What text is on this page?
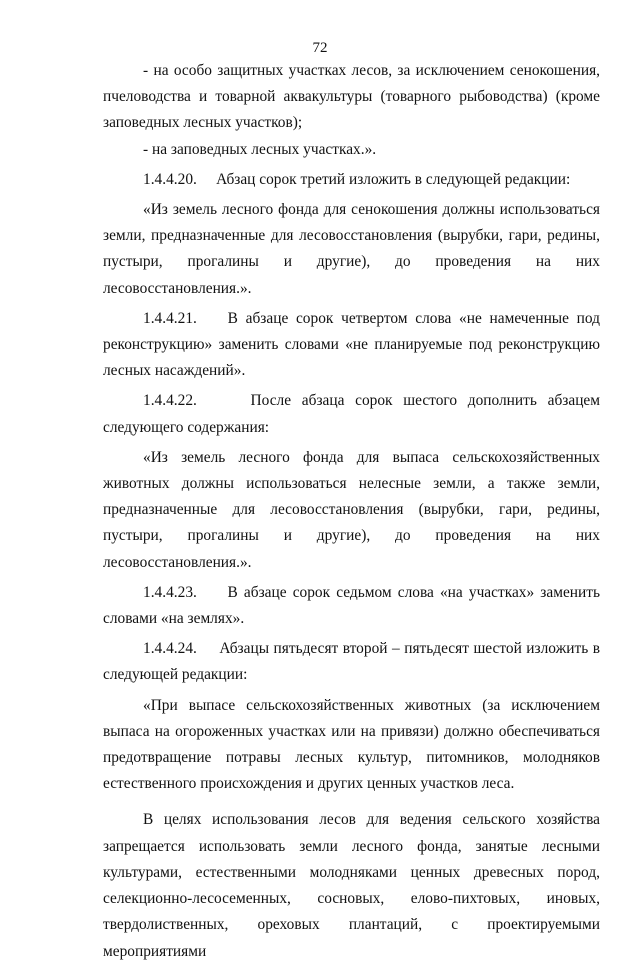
72

- на особо защитных участках лесов, за исключением сенокошения, пчеловодства и товарной аквакультуры (товарного рыбоводства) (кроме заповедных лесных участков);

- на заповедных лесных участках.».

1.4.4.20.     Абзац сорок третий изложить в следующей редакции:

«Из земель лесного фонда для сенокошения должны использоваться земли, предназначенные для лесовосстановления (вырубки, гари, редины, пустыри, прогалины и другие), до проведения на них лесовосстановления.».

1.4.4.21.    В абзаце сорок четвертом слова «не намеченные под реконструкцию» заменить словами «не планируемые под реконструкцию лесных насаждений».

1.4.4.22.     После абзаца сорок шестого дополнить абзацем следующего содержания:

«Из земель лесного фонда для выпаса сельскохозяйственных животных должны использоваться нелесные земли, а также земли, предназначенные для лесовосстановления (вырубки, гари, редины, пустыри, прогалины и другие), до проведения на них лесовосстановления.».

1.4.4.23.     В абзаце сорок седьмом слова «на участках» заменить словами «на землях».

1.4.4.24.     Абзацы пятьдесят второй – пятьдесят шестой изложить в следующей редакции:

«При выпасе сельскохозяйственных животных (за исключением выпаса на огороженных участках или на привязи) должно обеспечиваться предотвращение потравы лесных культур, питомников, молодняков естественного происхождения и других ценных участков леса.

В целях использования лесов для ведения сельского хозяйства запрещается использовать земли лесного фонда, занятые лесными культурами, естественными молодняками ценных древесных пород, селекционно-лесосеменных, сосновых, елово-пихтовых, иновых, твердолиственных, ореховых плантаций, с проектируемыми мероприятиями
